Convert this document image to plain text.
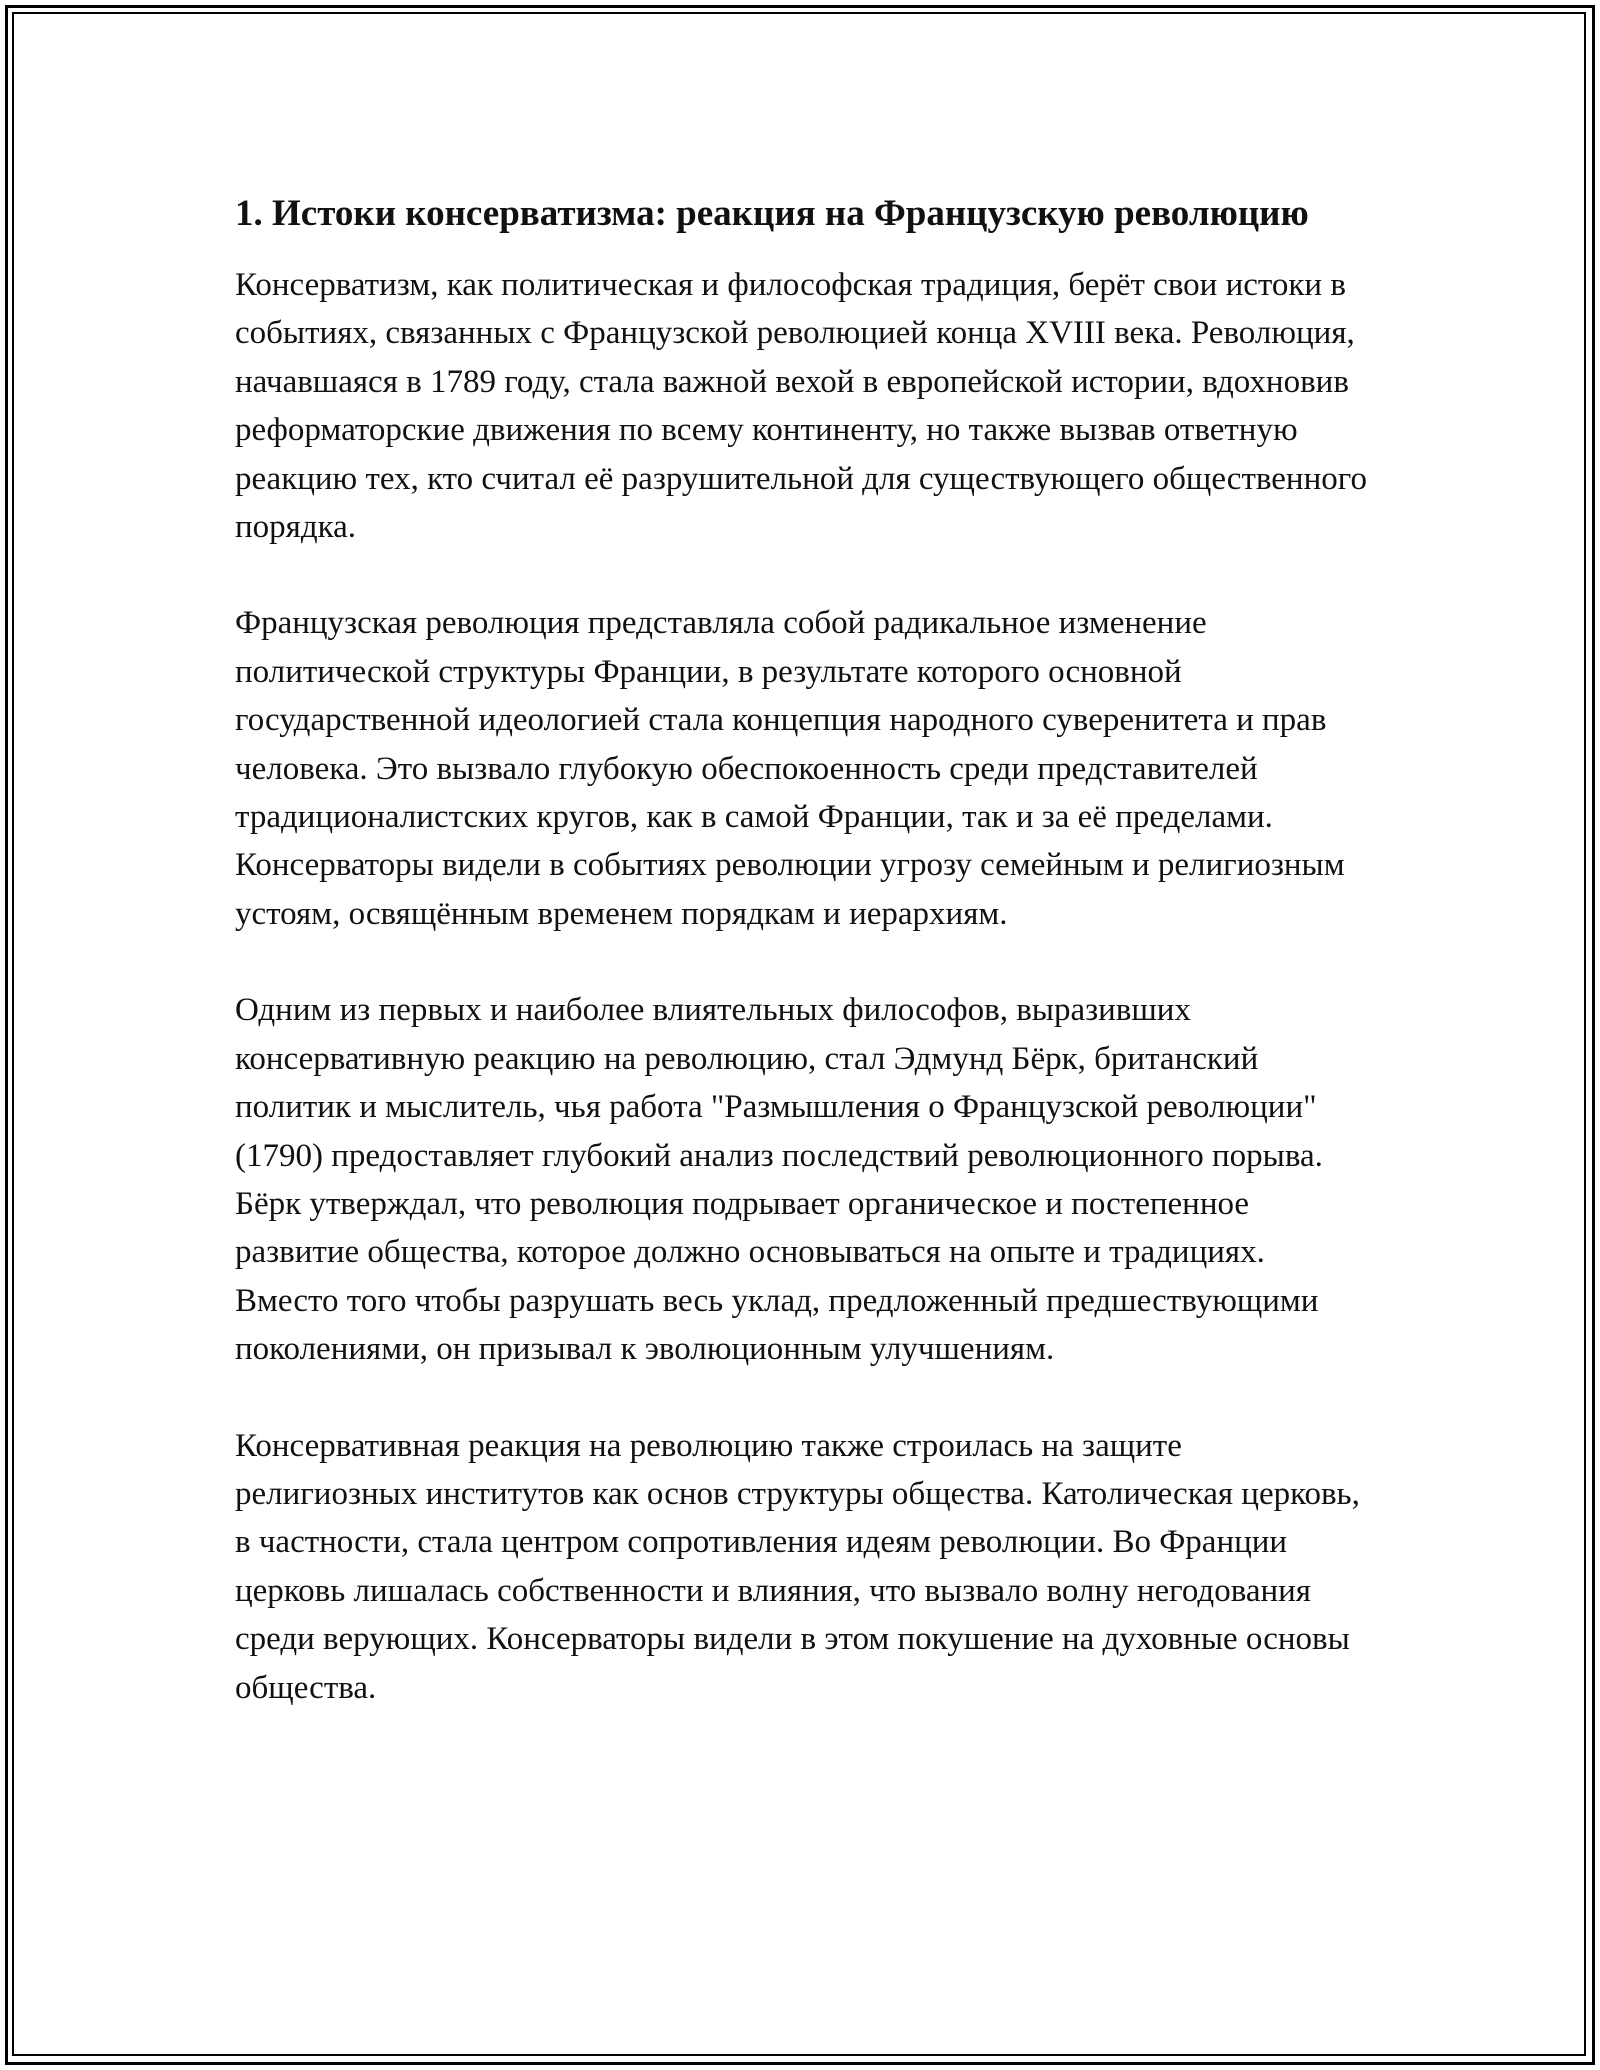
1. Истоки консерватизма: реакция на Французскую революцию

Консерватизм, как политическая и философская традиция, берёт свои истоки в событиях, связанных с Французской революцией конца XVIII века. Революция, начавшаяся в 1789 году, стала важной вехой в европейской истории, вдохновив реформаторские движения по всему континенту, но также вызвав ответную реакцию тех, кто считал её разрушительной для существующего общественного порядка.

Французская революция представляла собой радикальное изменение политической структуры Франции, в результате которого основной государственной идеологией стала концепция народного суверенитета и прав человека. Это вызвало глубокую обеспокоенность среди представителей традиционалистских кругов, как в самой Франции, так и за её пределами. Консерваторы видели в событиях революции угрозу семейным и религиозным устоям, освящённым временем порядкам и иерархиям.

Одним из первых и наиболее влиятельных философов, выразивших консервативную реакцию на революцию, стал Эдмунд Бёрк, британский политик и мыслитель, чья работа "Размышления о Французской революции" (1790) предоставляет глубокий анализ последствий революционного порыва. Бёрк утверждал, что революция подрывает органическое и постепенное развитие общества, которое должно основываться на опыте и традициях. Вместо того чтобы разрушать весь уклад, предложенный предшествующими поколениями, он призывал к эволюционным улучшениям.

Консервативная реакция на революцию также строилась на защите религиозных институтов как основ структуры общества. Католическая церковь, в частности, стала центром сопротивления идеям революции. Во Франции церковь лишалась собственности и влияния, что вызвало волну негодования среди верующих. Консерваторы видели в этом покушение на духовные основы общества.
